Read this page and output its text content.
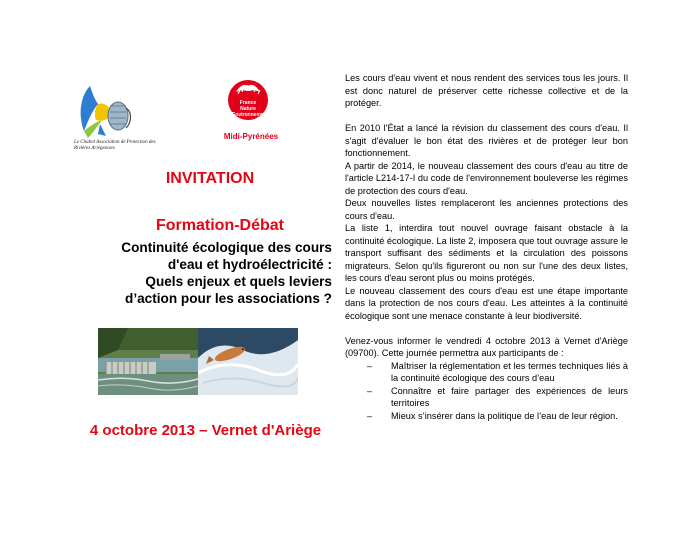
Le Chabot Association de Protection des Rivières Ariégeoises
France Nature Environnement
Midi-Pyrénées
INVITATION
Formation-Débat
Continuité écologique des cours
d'eau et hydroélectricité :
Quels enjeux et quels leviers
d’action pour les associations ?
4 octobre 2013 – Vernet d'Ariège

Les cours d'eau vivent et nous rendent des services tous les jours. Il est donc naturel de préserver cette richesse collective et de la protéger.

En 2010 l'État a lancé la révision du classement des cours d'eau. Il s'agit d'évaluer le bon état des rivières et de protéger leur bon fonctionnement.

A partir de 2014, le nouveau classement des cours d'eau au titre de l'article L214-17-I du code de l'environnement bouleverse les régimes de protection des cours d'eau.

Deux nouvelles listes remplaceront les anciennes protections des cours d'eau.

La liste 1, interdira tout nouvel ouvrage faisant obstacle à la continuité écologique. La liste 2, imposera que tout ouvrage assure le transport suffisant des sédiments et la circulation des poissons migrateurs. Selon qu'ils figureront ou non sur l'une des deux listes, les cours d'eau seront plus ou moins protégés.

Le nouveau classement des cours d'eau est une étape importante dans la protection de nos cours d'eau. Les atteintes à la continuité écologique sont une menace constante à leur biodiversité.

Venez-vous informer le vendredi 4 octobre 2013 à Vernet d'Ariège (09700). Cette journée permettra aux participants de :

– Maîtriser la réglementation et les termes techniques liés à la continuité écologique des cours d’eau
– Connaître et faire partager des expériences de leurs territoires
– Mieux s’insérer dans la politique de l’eau de leur région.
